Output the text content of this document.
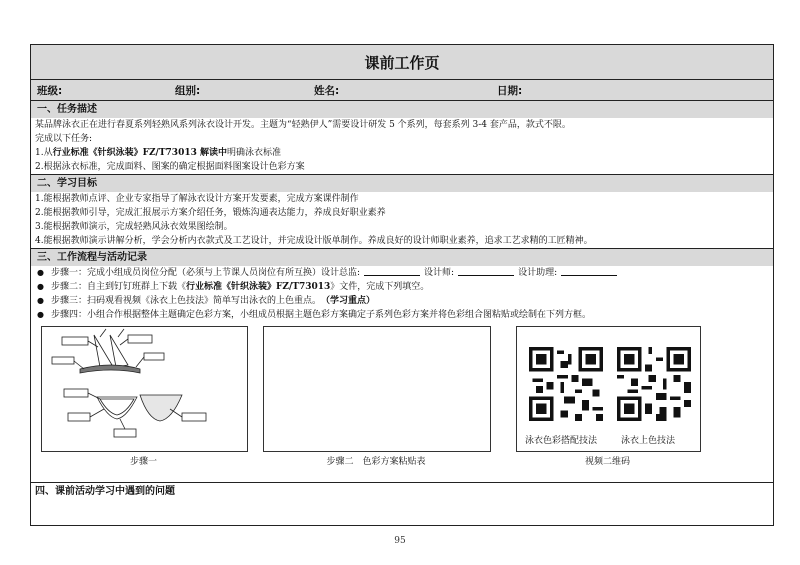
课前工作页
班级:	组别:	姓名:	日期:
一、任务描述
某品牌泳衣正在进行春夏系列轻熟风系列泳衣设计开发。主题为“轻熟伊人”需要设计研发 5 个系列，每套系列 3-4 套产品，款式不限。
完成以下任务:
1.从行业标准《针织泳装》FZ/T73013 解读中明确泳衣标准
2.根据泳衣标准，完成面料、图案的确定根据面料图案设计色彩方案
二、学习目标
1.能根据教师点评、企业专家指导了解泳衣设计方案开发要素，完成方案课件制作
2.能根据教师引导，完成汇报展示方案介绍任务，锻炼沟通表达能力，养成良好职业素养
3.能根据教师演示，完成轻熟风泳衣效果图绘制。
4.能根据教师演示讲解分析，学会分析内衣款式及工艺设计，并完成设计版单制作。养成良好的设计师职业素养，追求工艺求精的工匠精神。
三、工作流程与活动记录
● 步骤一：完成小组成员岗位分配（必须与上节课人员岗位有所互换）设计总监:	设计师:	设计助理:
● 步骤二：自主到钉钉班群上下载《 行业标准《针织泳装》FZ/T73013 》文件，完成下列填空。
● 步骤三：扫码观看视频《泳衣上色技法》简单写出泳衣的上色重点。 （学习重点）
● 步骤四：小组合作根据整体主题确定色彩方案，小组成员根据主题色彩方案确定子系列色彩方案并将色彩组合图粘贴或绘制在下列方框。
泳衣色彩搭配技法	泳衣上色技法
步骤一	步骤二　色彩方案粘贴表	视频二维码
四、课前活动学习中遇到的问题
95
